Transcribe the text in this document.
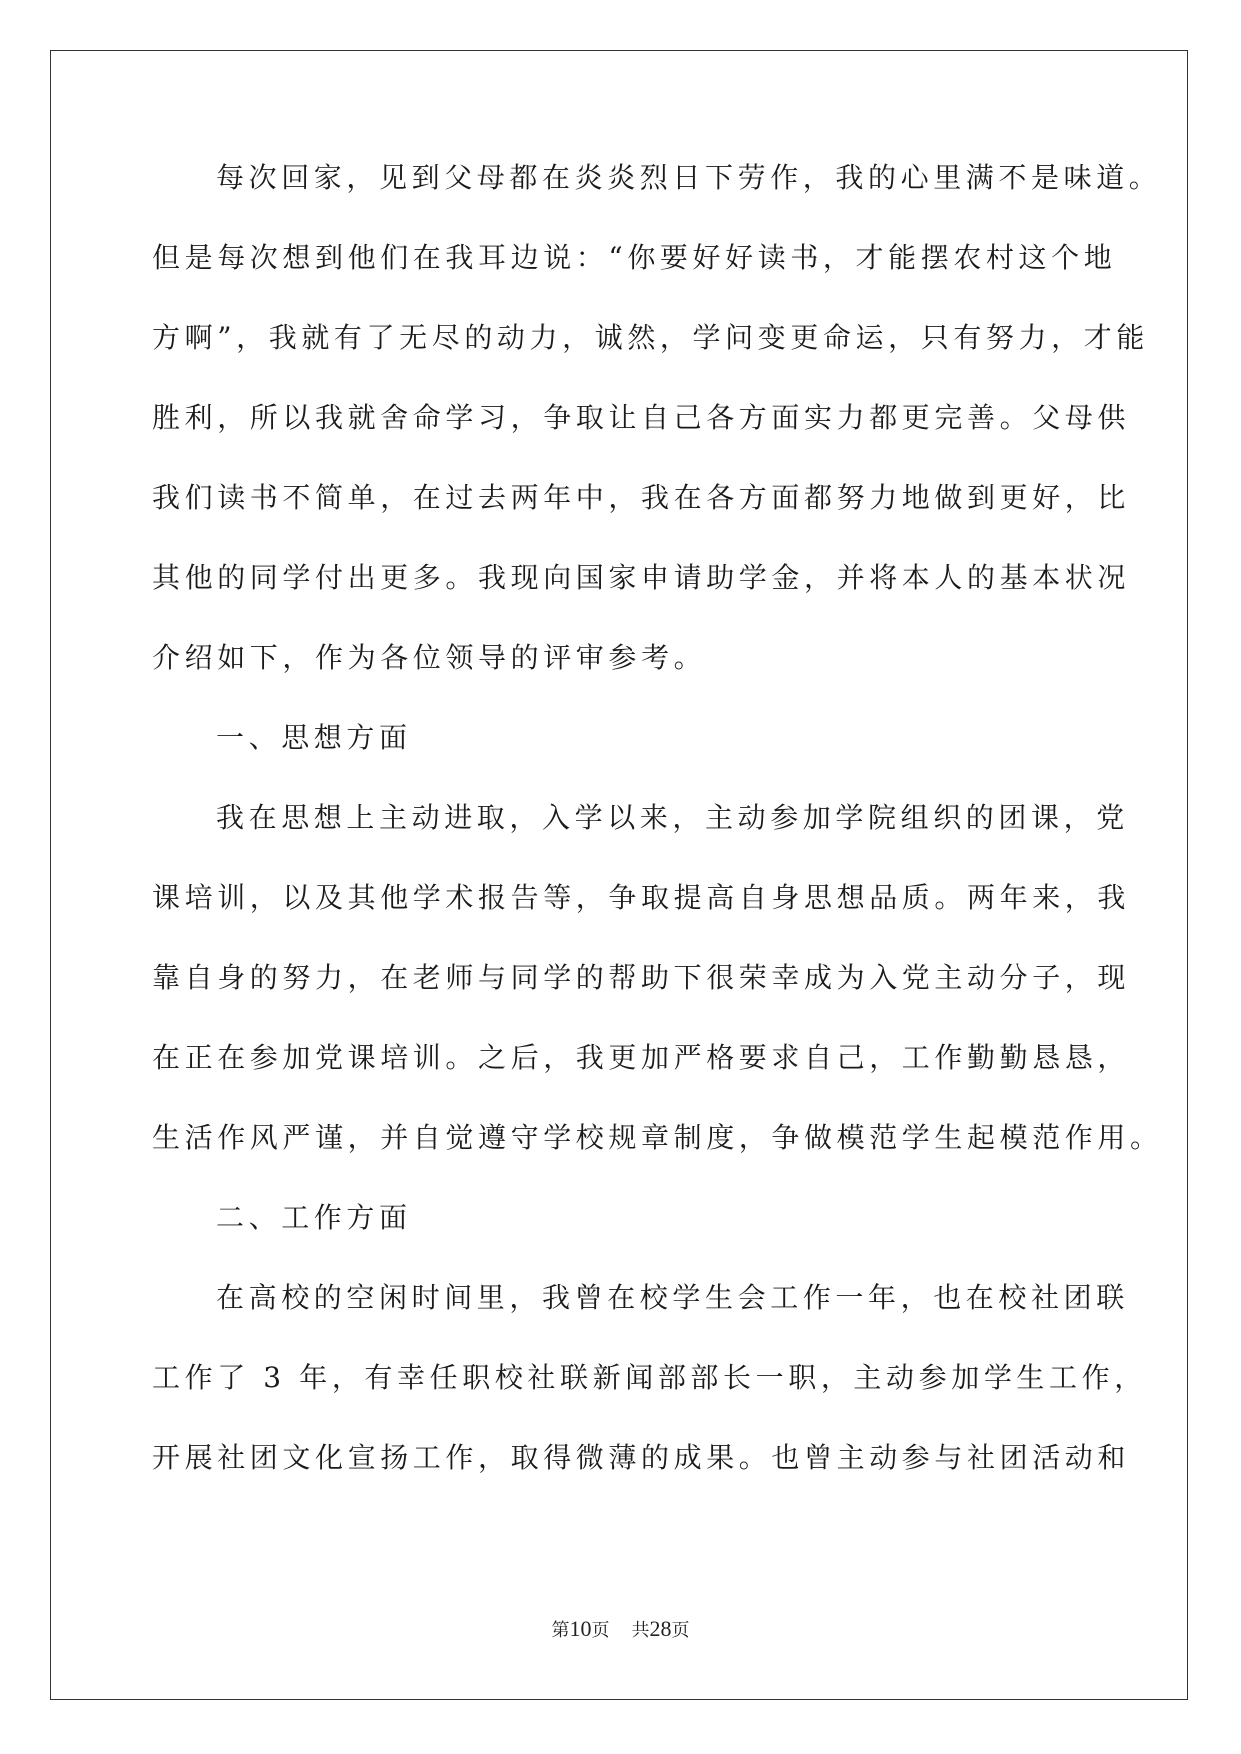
每次回家，见到父母都在炎炎烈日下劳作，我的心里满不是味道。
但是每次想到他们在我耳边说：“你要好好读书，才能摆农村这个地
方啊”，我就有了无尽的动力，诚然，学问变更命运，只有努力，才能
胜利，所以我就舍命学习，争取让自己各方面实力都更完善。父母供
我们读书不简单，在过去两年中，我在各方面都努力地做到更好，比
其他的同学付出更多。我现向国家申请助学金，并将本人的基本状况
介绍如下，作为各位领导的评审参考。
一、思想方面
我在思想上主动进取，入学以来，主动参加学院组织的团课，党
课培训，以及其他学术报告等，争取提高自身思想品质。两年来，我
靠自身的努力，在老师与同学的帮助下很荣幸成为入党主动分子，现
在正在参加党课培训。之后，我更加严格要求自己，工作勤勤恳恳，
生活作风严谨，并自觉遵守学校规章制度，争做模范学生起模范作用。
二、工作方面
在高校的空闲时间里，我曾在校学生会工作一年，也在校社团联
工作了 3 年，有幸任职校社联新闻部部长一职，主动参加学生工作，
开展社团文化宣扬工作，取得微薄的成果。也曾主动参与社团活动和
第10页 共28页
